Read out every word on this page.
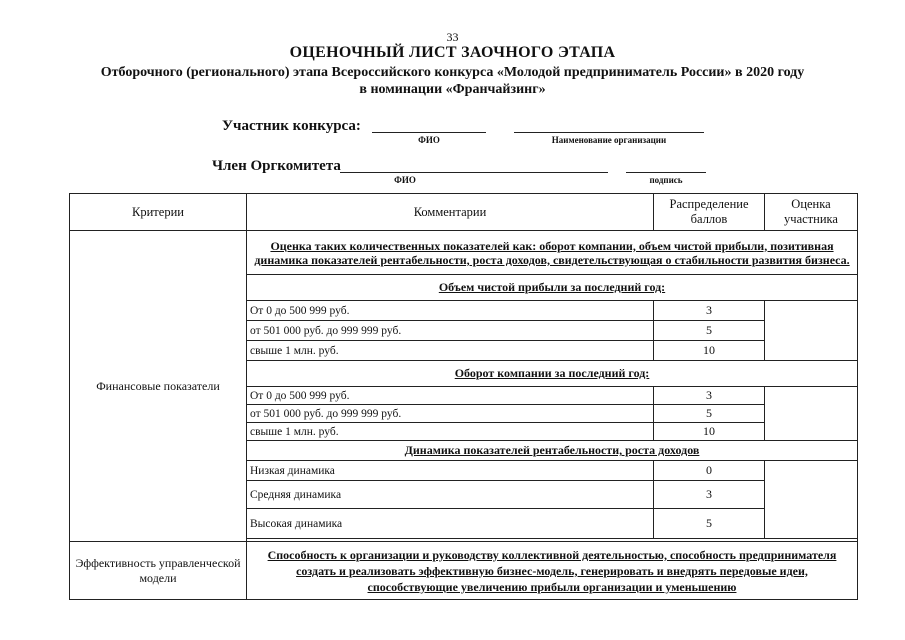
33
ОЦЕНОЧНЫЙ ЛИСТ ЗАОЧНОГО ЭТАПА
Отборочного (регионального) этапа Всероссийского конкурса «Молодой предприниматель России» в 2020 году
в номинации «Франчайзинг»
Участник конкурса:
ФИО	Наименование организации
Член Оргкомитета
ФИО	подпись
Критерии	Комментарии	Распределение баллов	Оценка участника
Финансовые показатели	Оценка таких количественных показателей как: оборот компании, объем чистой прибыли, позитивная динамика показателей рентабельности, роста доходов, свидетельствующая о стабильности развития бизнеса.		
	Объем чистой прибыли за последний год:		
	От 0 до 500 999 руб.	3	
	от 501 000 руб. до 999 999 руб.	5	
	свыше 1 млн. руб.	10	
	Оборот компании за последний год:		
	От 0 до 500 999 руб.	3	
	от 501 000 руб. до 999 999 руб.	5	
	свыше 1 млн. руб.	10	
	Динамика показателей рентабельности, роста доходов		
	Низкая динамика	0	
	Средняя динамика	3	
	Высокая динамика	5	

Эффективность управленческой модели	Способность к организации и руководству коллективной деятельностью, способность предпринимателя создать и реализовать эффективную бизнес-модель, генерировать и внедрять передовые идеи, способствующие увеличению прибыли организации и уменьшению		
